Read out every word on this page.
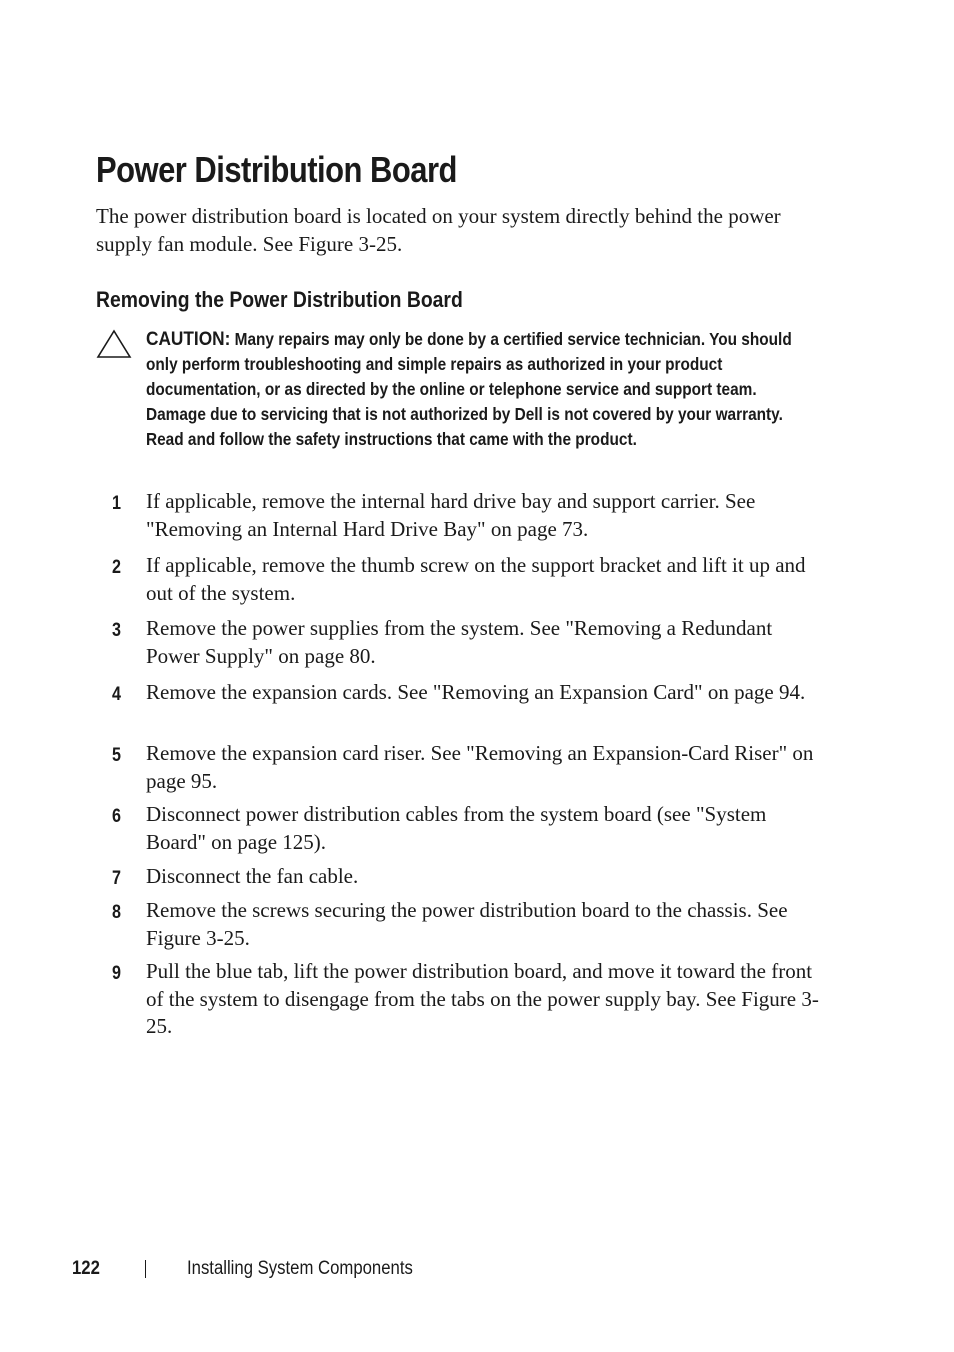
Power Distribution Board

The power distribution board is located on your system directly behind the power supply fan module. See Figure 3-25.

Removing the Power Distribution Board
CAUTION: Many repairs may only be done by a certified service technician. You should only perform troubleshooting and simple repairs as authorized in your product documentation, or as directed by the online or telephone service and support team. Damage due to servicing that is not authorized by Dell is not covered by your warranty. Read and follow the safety instructions that came with the product.
1 If applicable, remove the internal hard drive bay and support carrier. See "Removing an Internal Hard Drive Bay" on page 73.

2 If applicable, remove the thumb screw on the support bracket and lift it up and out of the system.

3 Remove the power supplies from the system. See "Removing a Redundant Power Supply" on page 80.

4 Remove the expansion cards. See "Removing an Expansion Card" on page 94.

5 Remove the expansion card riser. See "Removing an Expansion-Card Riser" on page 95.

6 Disconnect power distribution cables from the system board (see "System Board" on page 125).

7 Disconnect the fan cable.

8 Remove the screws securing the power distribution board to the chassis. See Figure 3-25.

9 Pull the blue tab, lift the power distribution board, and move it toward the front of the system to disengage from the tabs on the power supply bay. See Figure 3-25.

122	Installing System Components
